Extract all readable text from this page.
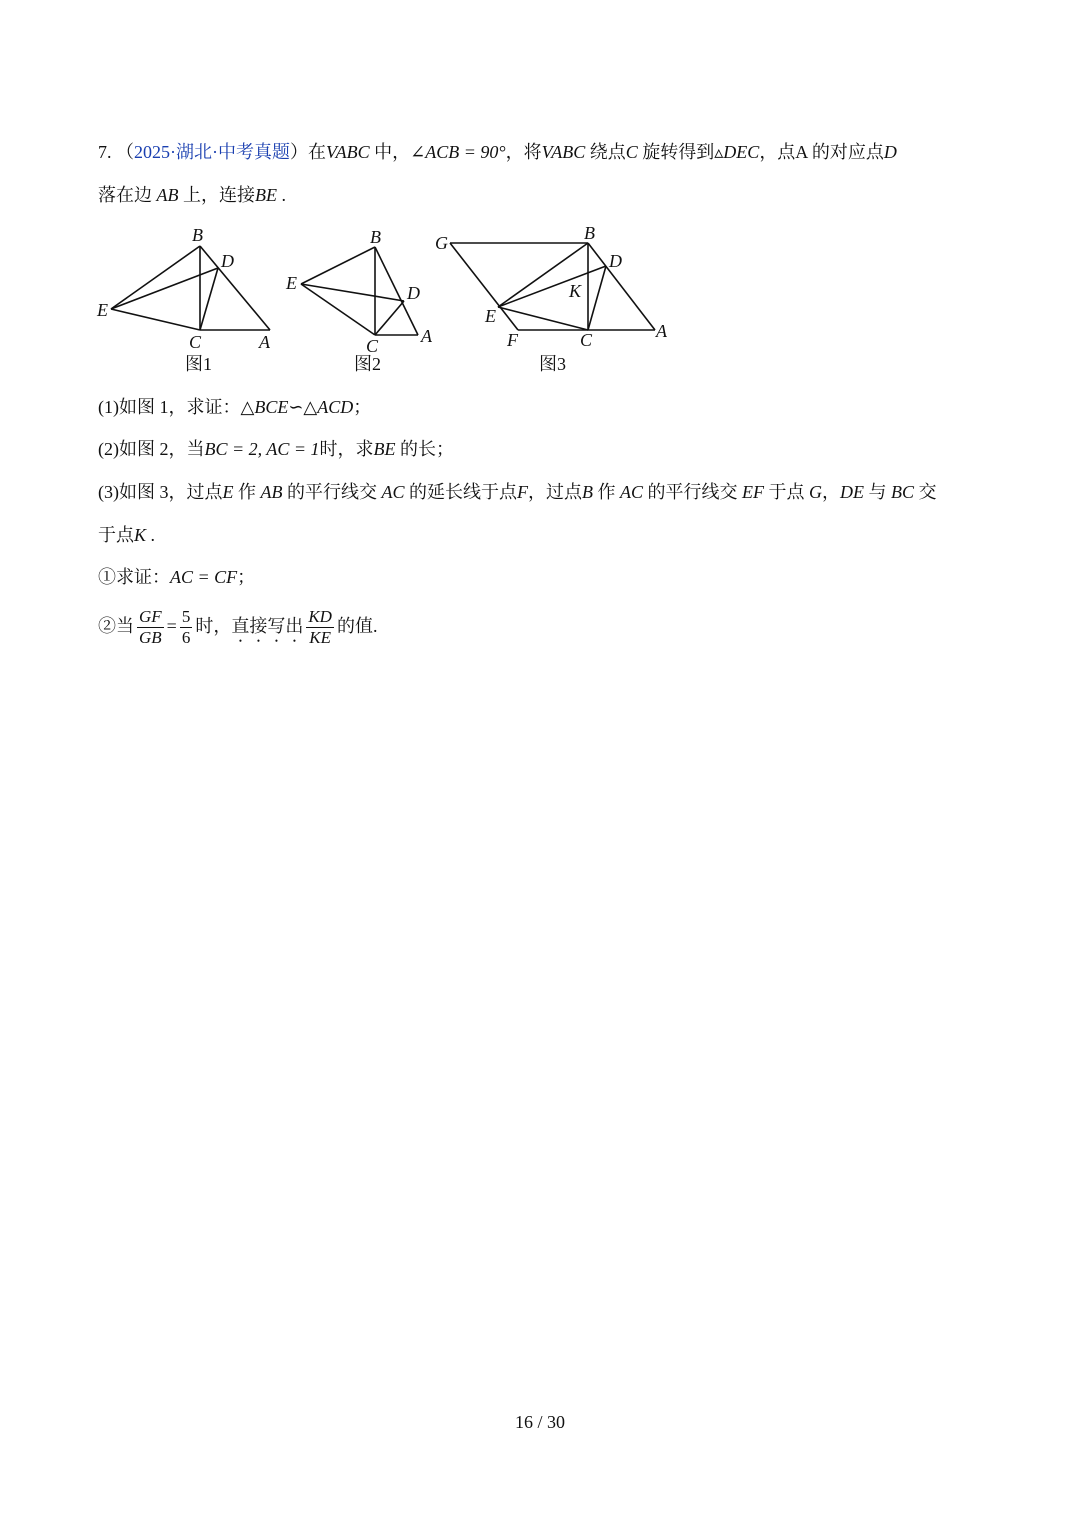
7. （2025·湖北·中考真题）在VABC 中，∠ACB = 90°，将VABC 绕点C 旋转得到▵DEC，点A 的对应点D
落在边 AB 上，连接BE .
B
D
E
C	A
图1
B
E	D
C A
图2
G	B
D
K
E
F	C	A
图3
(1)如图 1，求证：△BCE∽△ACD；
(2)如图 2，当BC = 2, AC = 1时，求BE 的长；
(3)如图 3，过点E 作 AB 的平行线交 AC 的延长线于点F，过点B 作 AC 的平行线交 EF 于点 G，DE 与 BC 交
于点K .
①求证：AC = CF；
②当 $\frac{GF}{GB} = \frac{5}{6}$ 时，直接写出 $\frac{KD}{KE}$ 的值.
16 / 30
